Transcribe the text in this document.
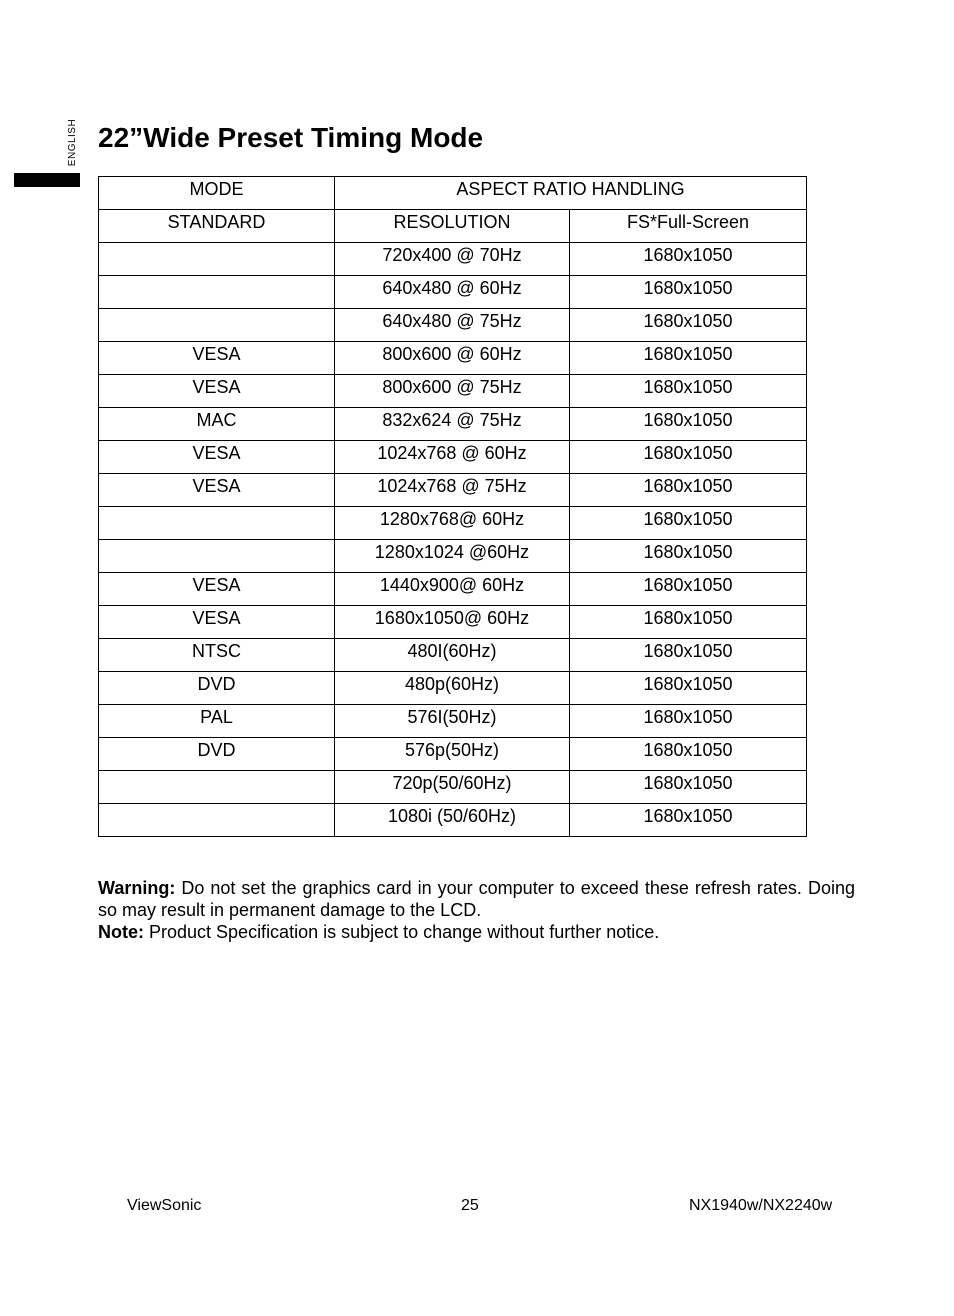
ENGLISH 22”Wide Preset Timing Mode
MODE	ASPECT RATIO HANDLING	
STANDARD	RESOLUTION	FS*Full-Screen
	720x400 @ 70Hz	1680x1050
	640x480 @ 60Hz	1680x1050
	640x480 @ 75Hz	1680x1050
VESA	800x600 @ 60Hz	1680x1050
VESA	800x600 @ 75Hz	1680x1050
MAC	832x624 @ 75Hz	1680x1050
VESA	1024x768 @ 60Hz	1680x1050
VESA	1024x768 @ 75Hz	1680x1050
	1280x768@ 60Hz	1680x1050
	1280x1024 @60Hz	1680x1050
VESA	1440x900@ 60Hz	1680x1050
VESA	1680x1050@ 60Hz	1680x1050
NTSC	480I(60Hz)	1680x1050
DVD	480p(60Hz)	1680x1050
PAL	576I(50Hz)	1680x1050
DVD	576p(50Hz)	1680x1050
	720p(50/60Hz)	1680x1050
	1080i (50/60Hz)	1680x1050

Warning: Do not set the graphics card in your computer to exceed these refresh rates. Doing so may result in permanent damage to the LCD.

Note: Product Specification is subject to change without further notice.

ViewSonic	25	NX1940w/NX2240w
